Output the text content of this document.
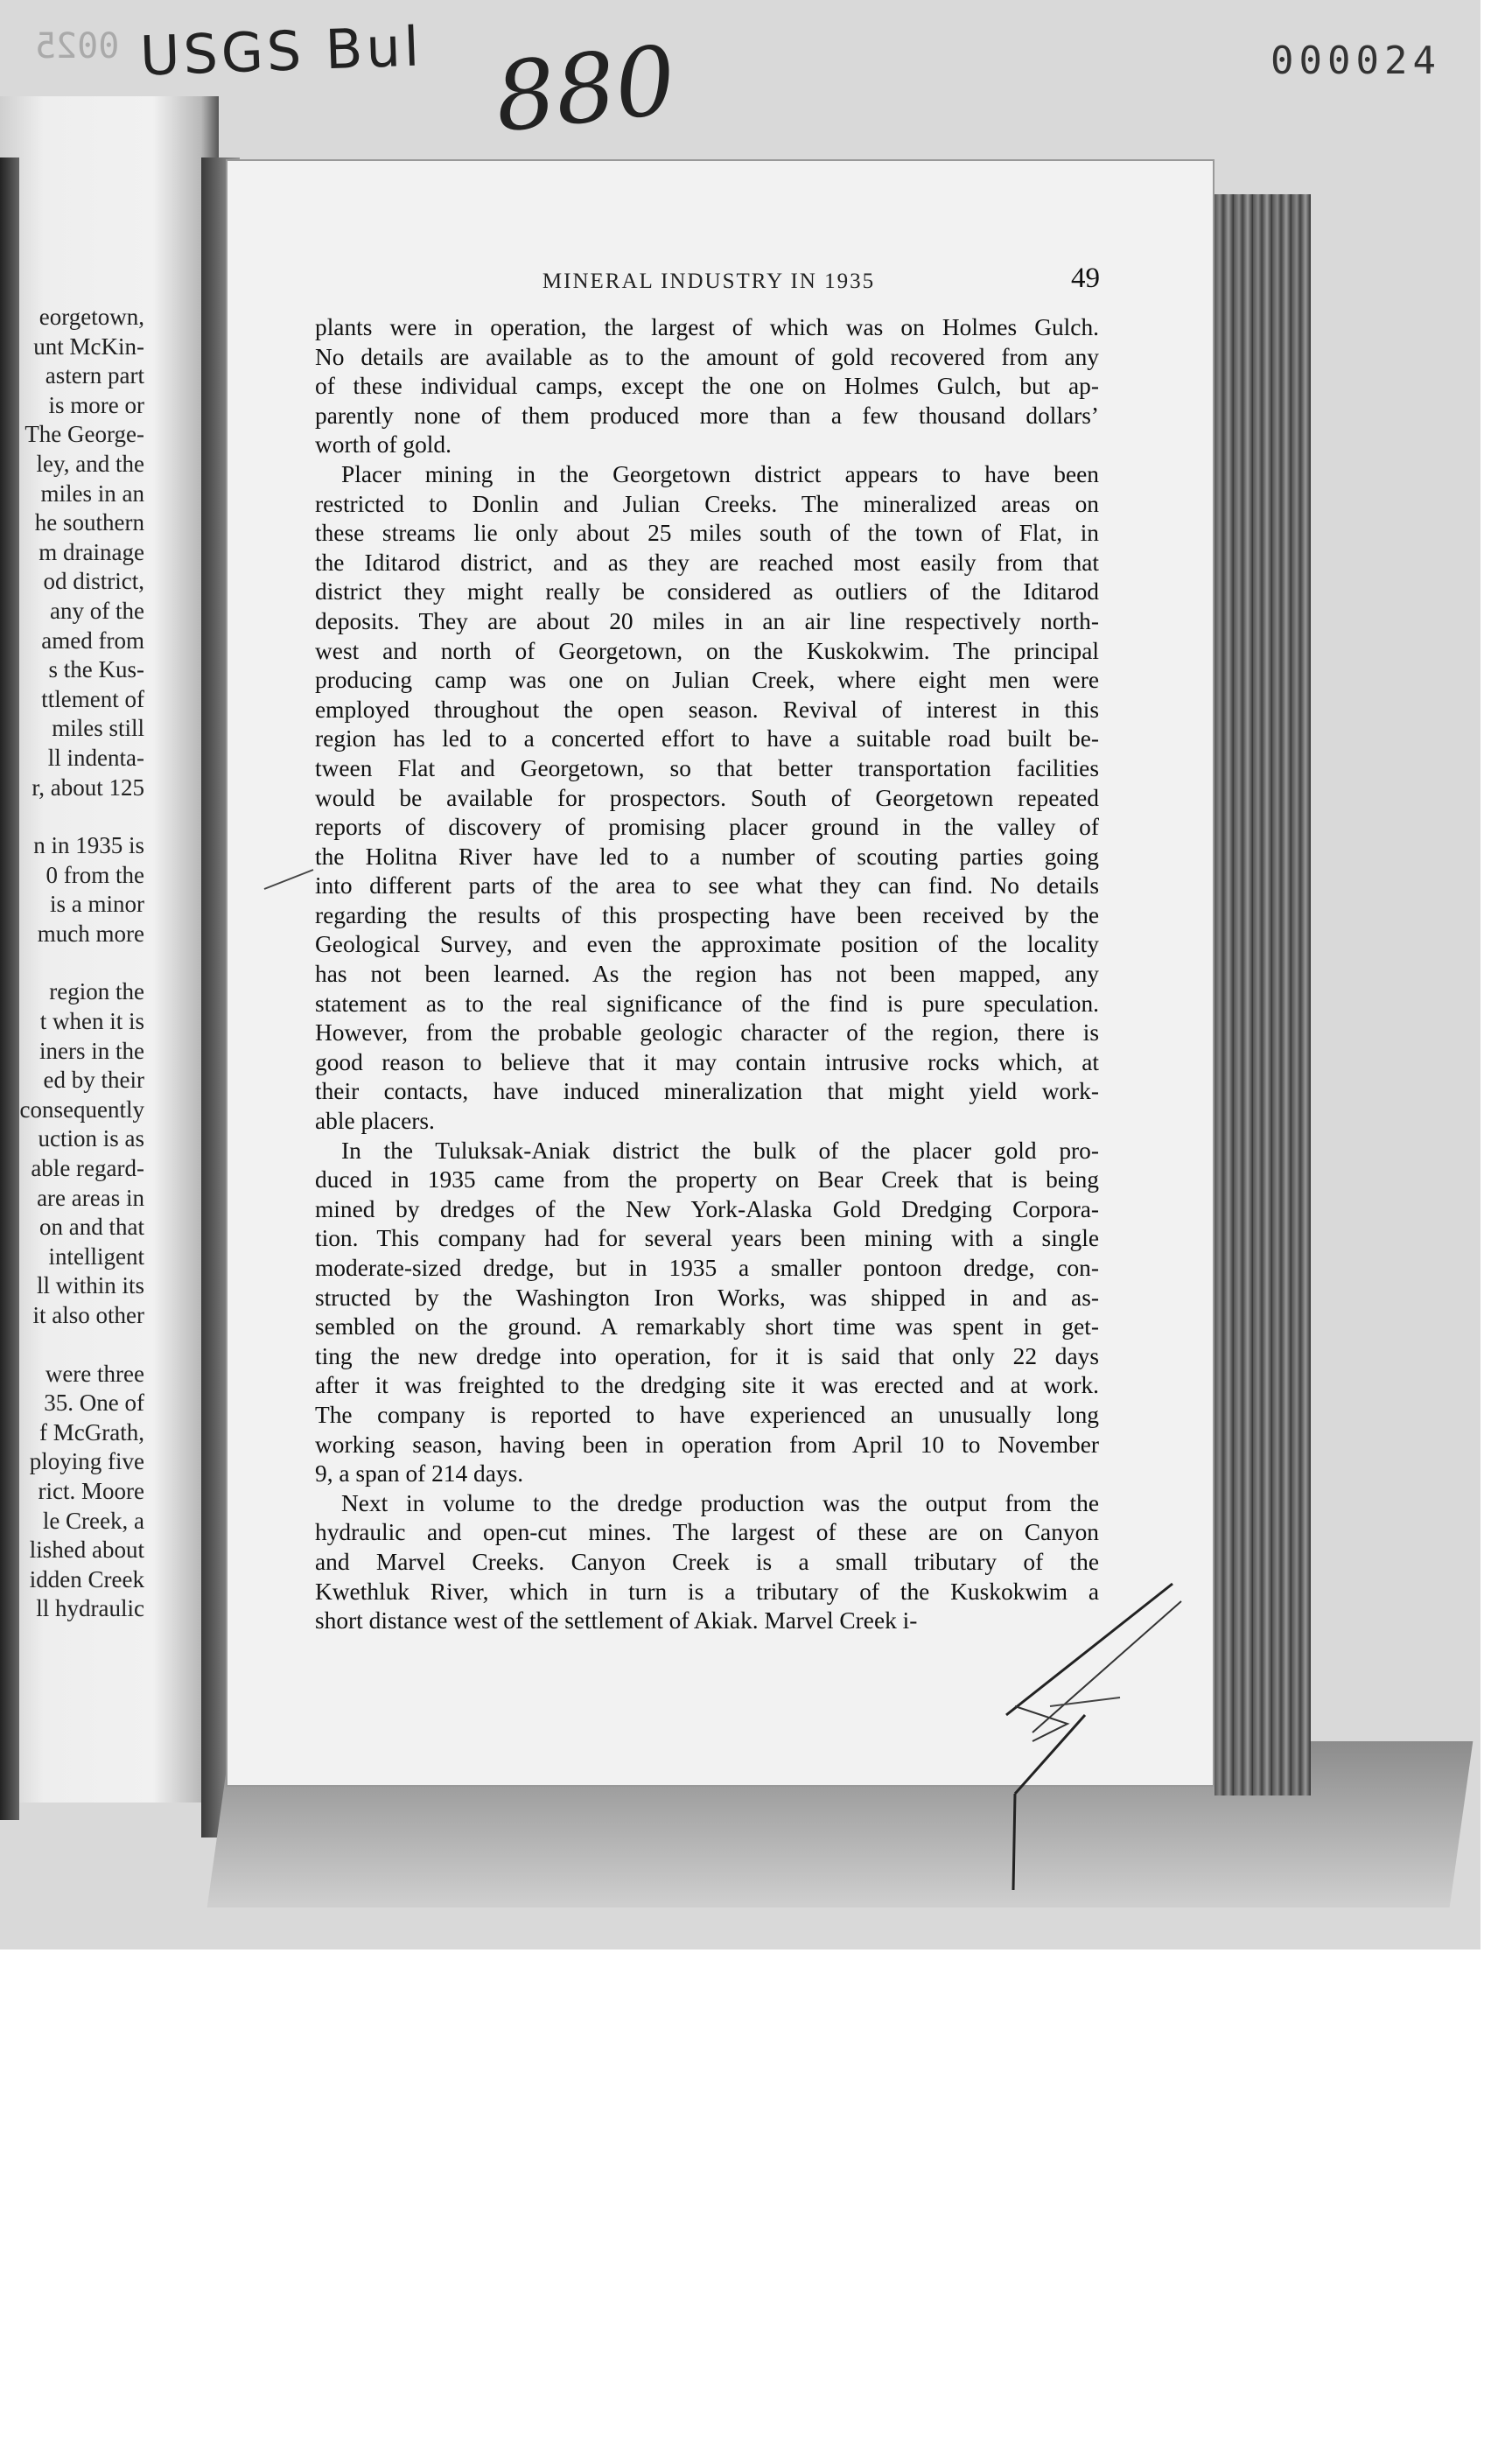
eorgetown,
unt McKin-
astern part
is more or
The George-
ley, and the
miles in an
he southern
m drainage
od district,
any of the
amed from
s the Kus-
ttlement of
miles still
ll indenta-
r, about 125
n in 1935 is
0 from the
is a minor
much more
region the
t when it is
iners in the
ed by their
consequently
uction is as
able regard-
are areas in
on and that
intelligent
ll within its
it also other
were three
35. One of
f McGrath,
ploying five
rict. Moore
le Creek, a
lished about
idden Creek
ll hydraulic
0025 USGS Bul 880	000024
MINERAL INDUSTRY IN 1935	49
plants were in operation, the largest of which was on Holmes Gulch.
No details are available as to the amount of gold recovered from any
of these individual camps, except the one on Holmes Gulch, but ap-
parently none of them produced more than a few thousand dollars’
worth of gold.
Placer mining in the Georgetown district appears to have been
restricted to Donlin and Julian Creeks. The mineralized areas on
these streams lie only about 25 miles south of the town of Flat, in
the Iditarod district, and as they are reached most easily from that
district they might really be considered as outliers of the Iditarod
deposits. They are about 20 miles in an air line respectively north-
west and north of Georgetown, on the Kuskokwim. The principal
producing camp was one on Julian Creek, where eight men were
employed throughout the open season. Revival of interest in this
region has led to a concerted effort to have a suitable road built be-
tween Flat and Georgetown, so that better transportation facilities
would be available for prospectors. South of Georgetown repeated
reports of discovery of promising placer ground in the valley of
the Holitna River have led to a number of scouting parties going
into different parts of the area to see what they can find. No details
regarding the results of this prospecting have been received by the
Geological Survey, and even the approximate position of the locality
has not been learned. As the region has not been mapped, any
statement as to the real significance of the find is pure speculation.
However, from the probable geologic character of the region, there is
good reason to believe that it may contain intrusive rocks which, at
their contacts, have induced mineralization that might yield work-
able placers.
In the Tuluksak-Aniak district the bulk of the placer gold pro-
duced in 1935 came from the property on Bear Creek that is being
mined by dredges of the New York-Alaska Gold Dredging Corpora-
tion. This company had for several years been mining with a single
moderate-sized dredge, but in 1935 a smaller pontoon dredge, con-
structed by the Washington Iron Works, was shipped in and as-
sembled on the ground. A remarkably short time was spent in get-
ting the new dredge into operation, for it is said that only 22 days
after it was freighted to the dredging site it was erected and at work.
The company is reported to have experienced an unusually long
working season, having been in operation from April 10 to November
9, a span of 214 days.
Next in volume to the dredge production was the output from the
hydraulic and open-cut mines. The largest of these are on Canyon
and Marvel Creeks. Canyon Creek is a small tributary of the
Kwethluk River, which in turn is a tributary of the Kuskokwim a
short distance west of the settlement of Akiak. Marvel Creek i-
